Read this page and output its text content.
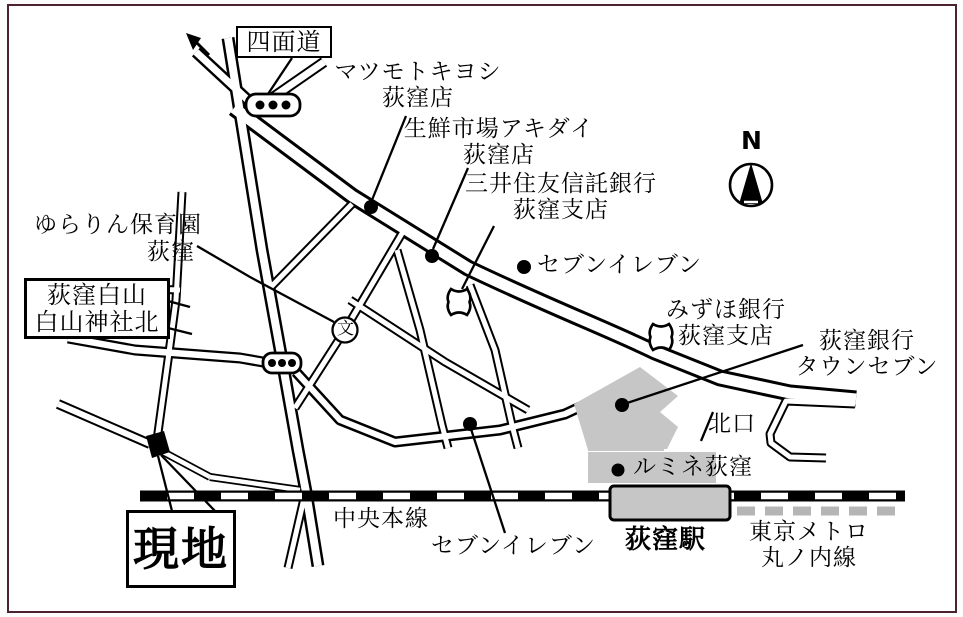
マツモトキヨシ
荻窪店
生鮮市場アキダイ
荻窪店
三井住友信託銀行
荻窪支店
セブンイレブン
みずほ銀行
荻窪支店	荻窪銀行
タウンセブン
北口
ルミネ荻窪
中央本線
セブンイレブン 荻窪駅	東京メトロ
丸ノ内線
ゆらりん保育園
荻窪
文
N
四面道
荻窪白山
白山神社北
現地
